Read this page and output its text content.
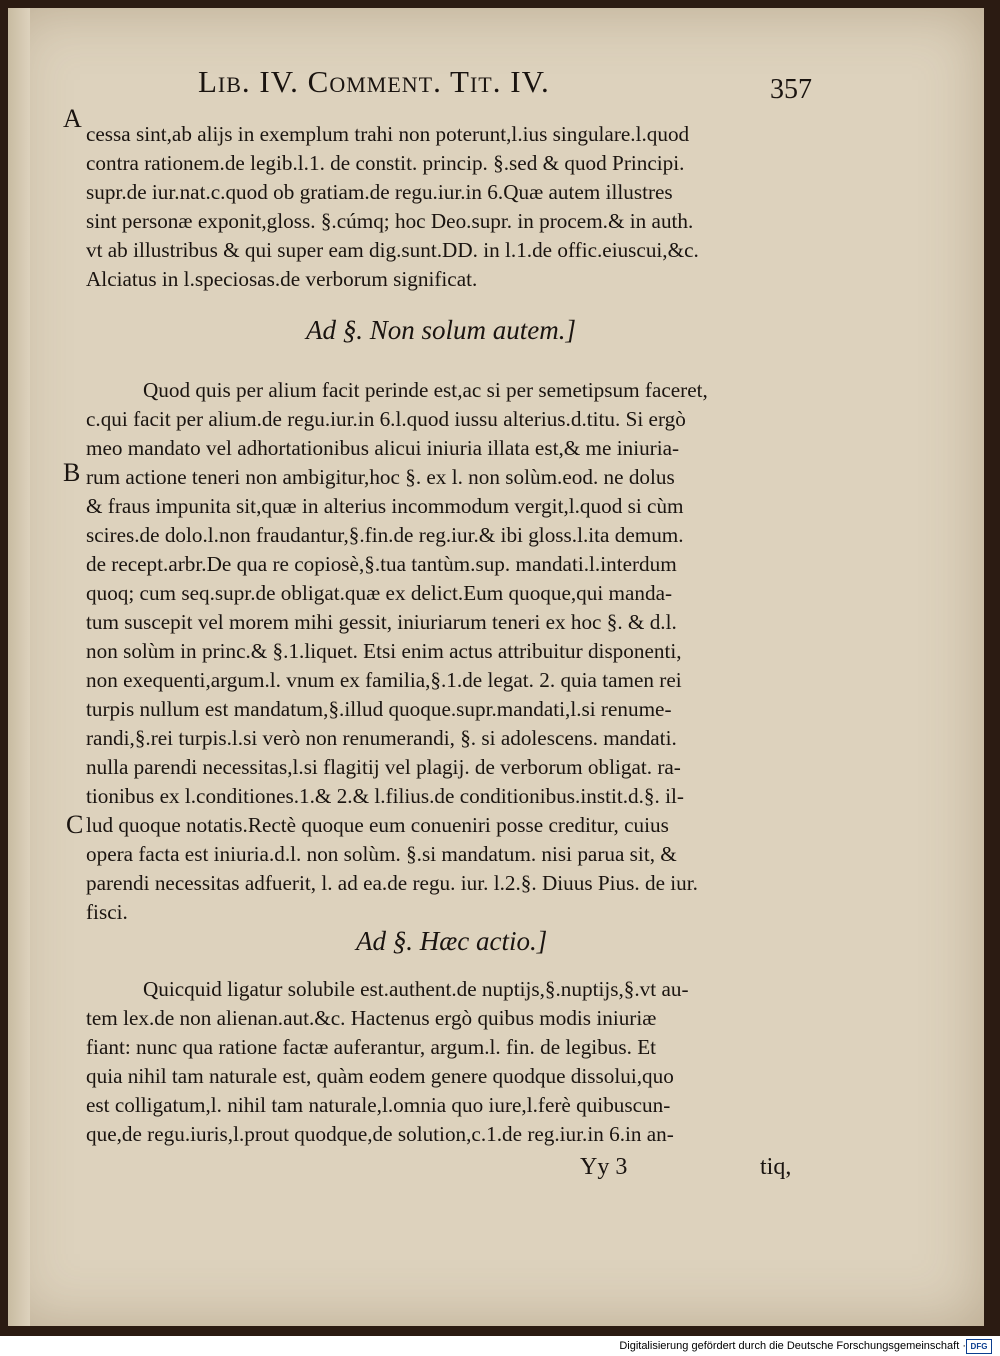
Lib. IV. Comment. Tit. IV.	357
A
B
C
cessa sint,ab alijs in exemplum trahi non poterunt,l.ius singulare.l.quod
contra rationem.de legib.l.1. de constit. princip. §.sed & quod Principi.
supr.de iur.nat.c.quod ob gratiam.de regu.iur.in 6.Quæ autem illustres
sint personæ exponit,gloss. §.cúmq; hoc Deo.supr. in procem.& in auth.
vt ab illustribus & qui super eam dig.sunt.DD. in l.1.de offic.eiuscui,&c.
Alciatus in l.speciosas.de verborum significat.
Ad §. Non solum autem.]
Quod quis per alium facit perinde est,ac si per semetipsum faceret,
c.qui facit per alium.de regu.iur.in 6.l.quod iussu alterius.d.titu. Si ergò
meo mandato vel adhortationibus alicui iniuria illata est,& me iniuria-
rum actione teneri non ambigitur,hoc §. ex l. non solùm.eod. ne dolus
& fraus impunita sit,quæ in alterius incommodum vergit,l.quod si cùm
scires.de dolo.l.non fraudantur,§.fin.de reg.iur.& ibi gloss.l.ita demum.
de recept.arbr.De qua re copiosè,§.tua tantùm.sup. mandati.l.interdum
quoq; cum seq.supr.de obligat.quæ ex delict.Eum quoque,qui manda-
tum suscepit vel morem mihi gessit, iniuriarum teneri ex hoc §. & d.l.
non solùm in princ.& §.1.liquet. Etsi enim actus attribuitur disponenti,
non exequenti,argum.l. vnum ex familia,§.1.de legat. 2. quia tamen rei
turpis nullum est mandatum,§.illud quoque.supr.mandati,l.si renume-
randi,§.rei turpis.l.si verò non renumerandi, §. si adolescens. mandati.
nulla parendi necessitas,l.si flagitij vel plagij. de verborum obligat. ra-
tionibus ex l.conditiones.1.& 2.& l.filius.de conditionibus.instit.d.§. il-
lud quoque notatis.Rectè quoque eum conueniri posse creditur, cuius
opera facta est iniuria.d.l. non solùm. §.si mandatum. nisi parua sit, &
parendi necessitas adfuerit, l. ad ea.de regu. iur. l.2.§. Diuus Pius. de iur.
fisci.
Ad §. Hæc actio.]
Quicquid ligatur solubile est.authent.de nuptijs,§.nuptijs,§.vt au-
tem lex.de non alienan.aut.&c. Hactenus ergò quibus modis iniuriæ
fiant: nunc qua ratione factæ auferantur, argum.l. fin. de legibus. Et
quia nihil tam naturale est, quàm eodem genere quodque dissolui,quo
est colligatum,l. nihil tam naturale,l.omnia quo iure,l.ferè quibuscun-
que,de regu.iuris,l.prout quodque,de solution,c.1.de reg.iur.in 6.in an-
Yy 3	tiq,
Digitalisierung gefördert durch die Deutsche Forschungsgemeinschaft · DFG
